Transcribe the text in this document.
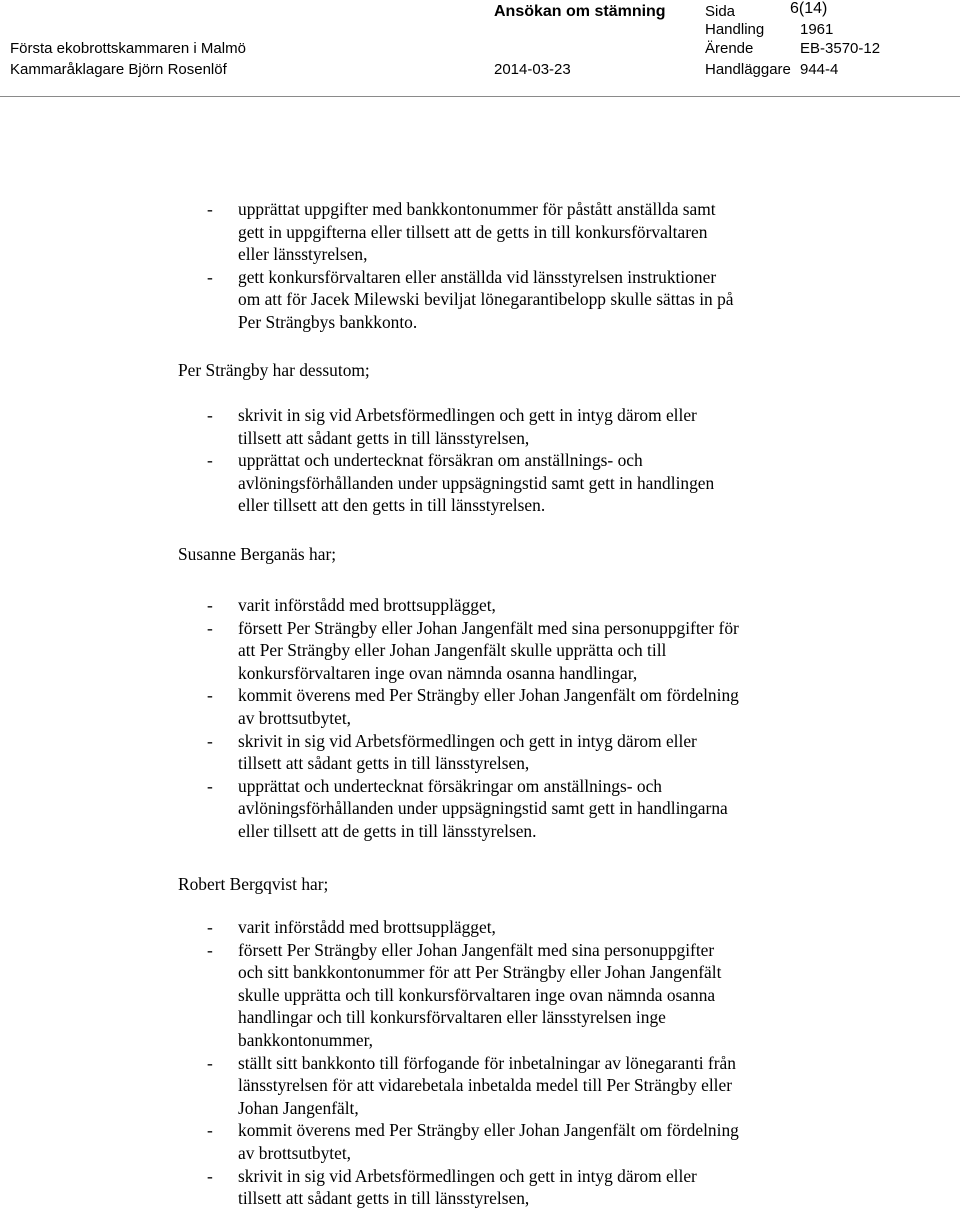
Ansökan om stämning	Sida	6(14)
Handling 1961
Första ekobrottskammaren i Malmö	Ärende	EB-3570-12
Kammaråklagare Björn Rosenlöf	2014-03-23	Handläggare 944-4
- upprättat uppgifter med bankkontonummer för påstått anställda samt
gett in uppgifterna eller tillsett att de getts in till konkursförvaltaren
eller länsstyrelsen,
- gett konkursförvaltaren eller anställda vid länsstyrelsen instruktioner
om att för Jacek Milewski beviljat lönegarantibelopp skulle sättas in på
Per Strängbys bankkonto.
Per Strängby har dessutom;
- skrivit in sig vid Arbetsförmedlingen och gett in intyg därom eller
tillsett att sådant getts in till länsstyrelsen,
- upprättat och undertecknat försäkran om anställnings- och
avlöningsförhållanden under uppsägningstid samt gett in handlingen
eller tillsett att den getts in till länsstyrelsen.
Susanne Berganäs har;
- varit införstådd med brottsupplägget,
- försett Per Strängby eller Johan Jangenfält med sina personuppgifter för
att Per Strängby eller Johan Jangenfält skulle upprätta och till
konkursförvaltaren inge ovan nämnda osanna handlingar,
- kommit överens med Per Strängby eller Johan Jangenfält om fördelning
av brottsutbytet,
- skrivit in sig vid Arbetsförmedlingen och gett in intyg därom eller
tillsett att sådant getts in till länsstyrelsen,
- upprättat och undertecknat försäkringar om anställnings- och
avlöningsförhållanden under uppsägningstid samt gett in handlingarna
eller tillsett att de getts in till länsstyrelsen.
Robert Bergqvist har;
- varit införstådd med brottsupplägget,
- försett Per Strängby eller Johan Jangenfält med sina personuppgifter
och sitt bankkontonummer för att Per Strängby eller Johan Jangenfält
skulle upprätta och till konkursförvaltaren inge ovan nämnda osanna
handlingar och till konkursförvaltaren eller länsstyrelsen inge
bankkontonummer,
- ställt sitt bankkonto till förfogande för inbetalningar av lönegaranti från
länsstyrelsen för att vidarebetala inbetalda medel till Per Strängby eller
Johan Jangenfält,
- kommit överens med Per Strängby eller Johan Jangenfält om fördelning
av brottsutbytet,
- skrivit in sig vid Arbetsförmedlingen och gett in intyg därom eller
tillsett att sådant getts in till länsstyrelsen,
